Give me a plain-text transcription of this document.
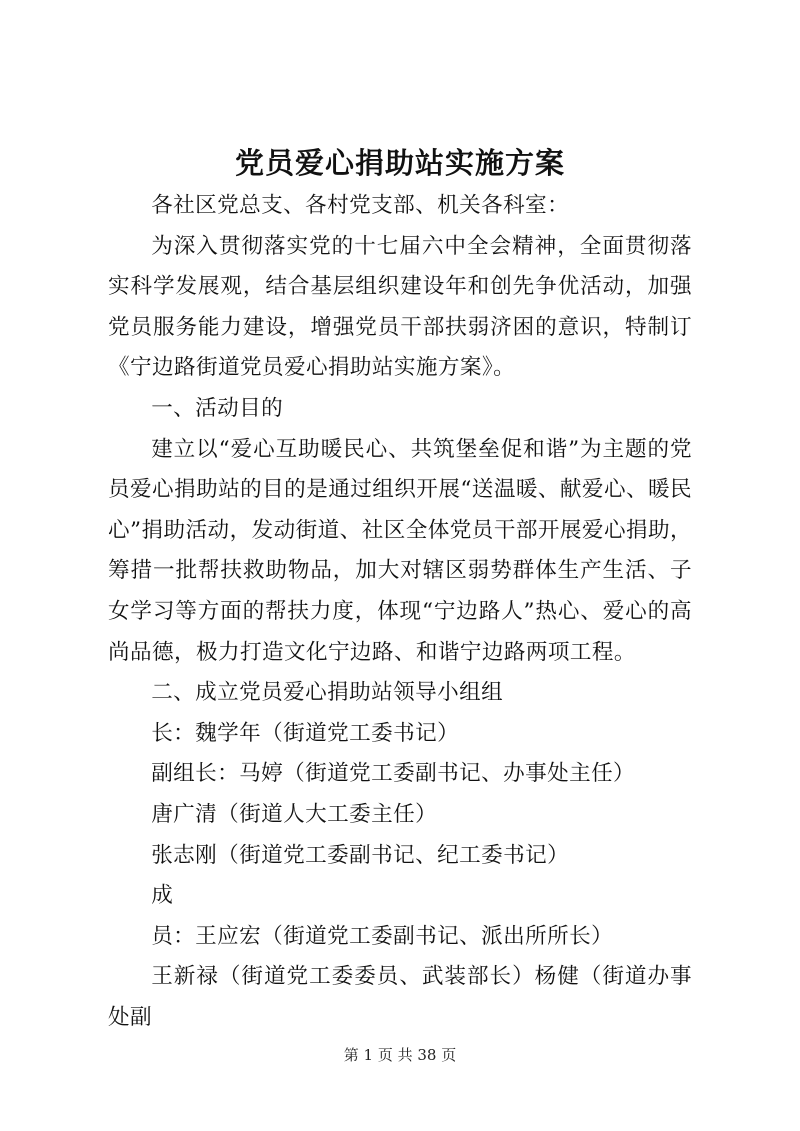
党员爱心捐助站实施方案

各社区党总支、各村党支部、机关各科室：

为深入贯彻落实党的十七届六中全会精神，全面贯彻落实科学发展观，结合基层组织建设年和创先争优活动，加强党员服务能力建设，增强党员干部扶弱济困的意识，特制订《宁边路街道党员爱心捐助站实施方案》。

一、活动目的

建立以“爱心互助暖民心、共筑堡垒促和谐”为主题的党员爱心捐助站的目的是通过组织开展“送温暖、献爱心、暖民心”捐助活动，发动街道、社区全体党员干部开展爱心捐助，筹措一批帮扶救助物品，加大对辖区弱势群体生产生活、子女学习等方面的帮扶力度，体现“宁边路人”热心、爱心的高尚品德，极力打造文化宁边路、和谐宁边路两项工程。

二、成立党员爱心捐助站领导小组组

长：魏学年（街道党工委书记）

副组长：马婷（街道党工委副书记、办事处主任）

唐广清（街道人大工委主任）

张志刚（街道党工委副书记、纪工委书记）

成

员：王应宏（街道党工委副书记、派出所所长）

王新禄（街道党工委委员、武装部长）杨健（街道办事处副

第 1 页 共 38 页
